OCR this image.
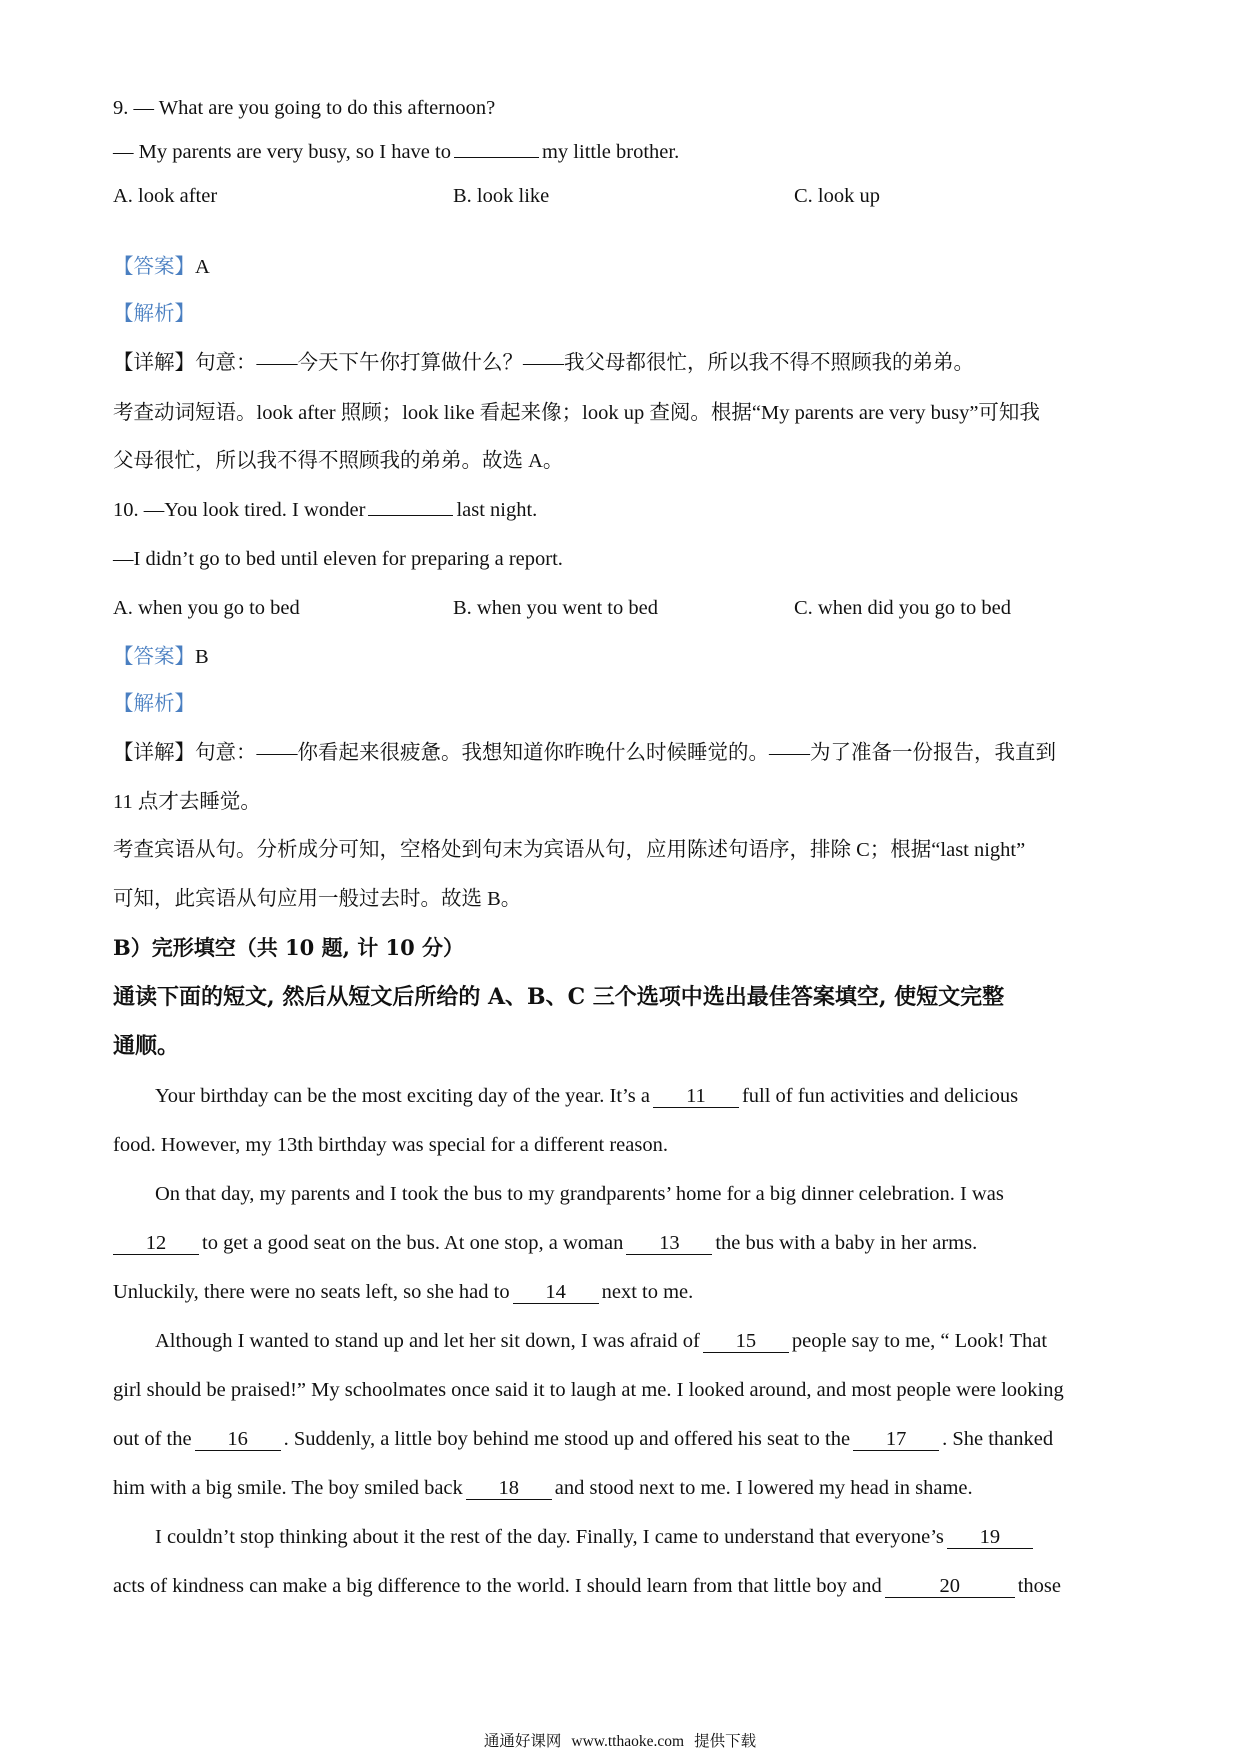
9. — What are you going to do this afternoon?
— My parents are very busy, so I have to	my little brother.
A. look after	B. look like	C. look up
【答案】A
【解析】
【详解】句意：——今天下午你打算做什么？——我父母都很忙，所以我不得不照顾我的弟弟。
考查动词短语。look after 照顾；look like 看起来像；look up 查阅。根据“My parents are very busy”可知我
父母很忙，所以我不得不照顾我的弟弟。故选 A。
10. —You look tired. I wonder	last night.
—I didn’t go to bed until eleven for preparing a report.
A. when you go to bed	B. when you went to bed	C. when did you go to bed
【答案】B
【解析】
【详解】句意：——你看起来很疲惫。我想知道你昨晚什么时候睡觉的。——为了准备一份报告，我直到
11 点才去睡觉。
考查宾语从句。分析成分可知，空格处到句末为宾语从句，应用陈述句语序，排除 C；根据“last night”
可知，此宾语从句应用一般过去时。故选 B。
B）完形填空（共 10 题, 计 10 分）
通读下面的短文, 然后从短文后所给的 A、B、C 三个选项中选出最佳答案填空, 使短文完整
通顺。
Your birthday can be the most exciting day of the year. It’s a 11 full of fun activities and delicious
food. However, my 13th birthday was special for a different reason.
On that day, my parents and I took the bus to my grandparents’ home for a big dinner celebration. I was
12 to get a good seat on the bus. At one stop, a woman 13 the bus with a baby in her arms.
Unluckily, there were no seats left, so she had to 14 next to me.
Although I wanted to stand up and let her sit down, I was afraid of 15 people say to me, “ Look! That
girl should be praised!” My schoolmates once said it to laugh at me. I looked around, and most people were looking
out of the 16 . Suddenly, a little boy behind me stood up and offered his seat to the 17 . She thanked
him with a big smile. The boy smiled back 18 and stood next to me. I lowered my head in shame.
I couldn’t stop thinking about it the rest of the day. Finally, I came to understand that everyone’s 19
acts of kindness can make a big difference to the world. I should learn from that little boy and	20	those
通通好课网 www.tthaoke.com 提供下载
